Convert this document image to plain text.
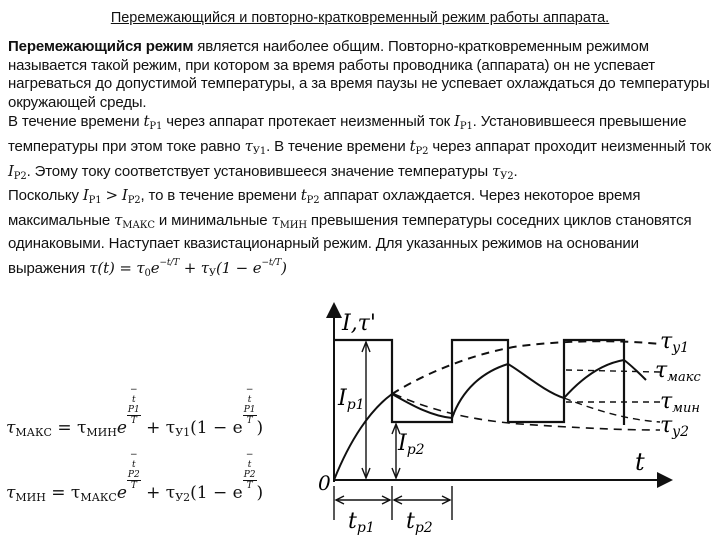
Перемежающийся и повторно-кратковременный режим работы аппарата.
Перемежающийся режим является наиболее общим. Повторно-кратковременным режимом называется такой режим, при котором за время работы проводника (аппарата) он не успевает нагреваться до допустимой температуры, а за время паузы не успевает охлаждаться до температуры окружающей среды.
В течение времени $t_{Р1}$ через аппарат протекает неизменный ток $I_{Р1}$. Установившееся превышение температуры при этом токе равно $\tau_{У1}$. В течение времени $t_{Р2}$ через аппарат проходит неизменный ток $I_{Р2}$. Этому току соответствует установившееся значение температуры $\tau_{У2}$.
Поскольку $I_{Р1} > I_{Р2}$, то в течение времени $t_{Р2}$ аппарат охлаждается. Через некоторое время максимальные $\tau_{МАКС}$ и минимальные $\tau_{МИН}$ превышения температуры соседних циклов становятся одинаковыми. Наступает квазистационарный режим. Для указанных режимов на основании выражения $\tau(t) = \tau_0e^{-t/T} + \tau_У(1 - e^{-t/T})$
$\tau_{МАКС} = \tau_{МИН}e$
−
t
Р1
$T + \tau_{У1}(1 - e$
−
t
Р1
T )
$\tau_{МИН} = \tau_{МАКС}e$
−
t
Р2
$T + \tau_{У2}(1 - e$
−
t
Р2
T )
I,τ'
t
0
Ip1
Ip2
τy1
τмакс
τмин
τy2
tp1 tp2
